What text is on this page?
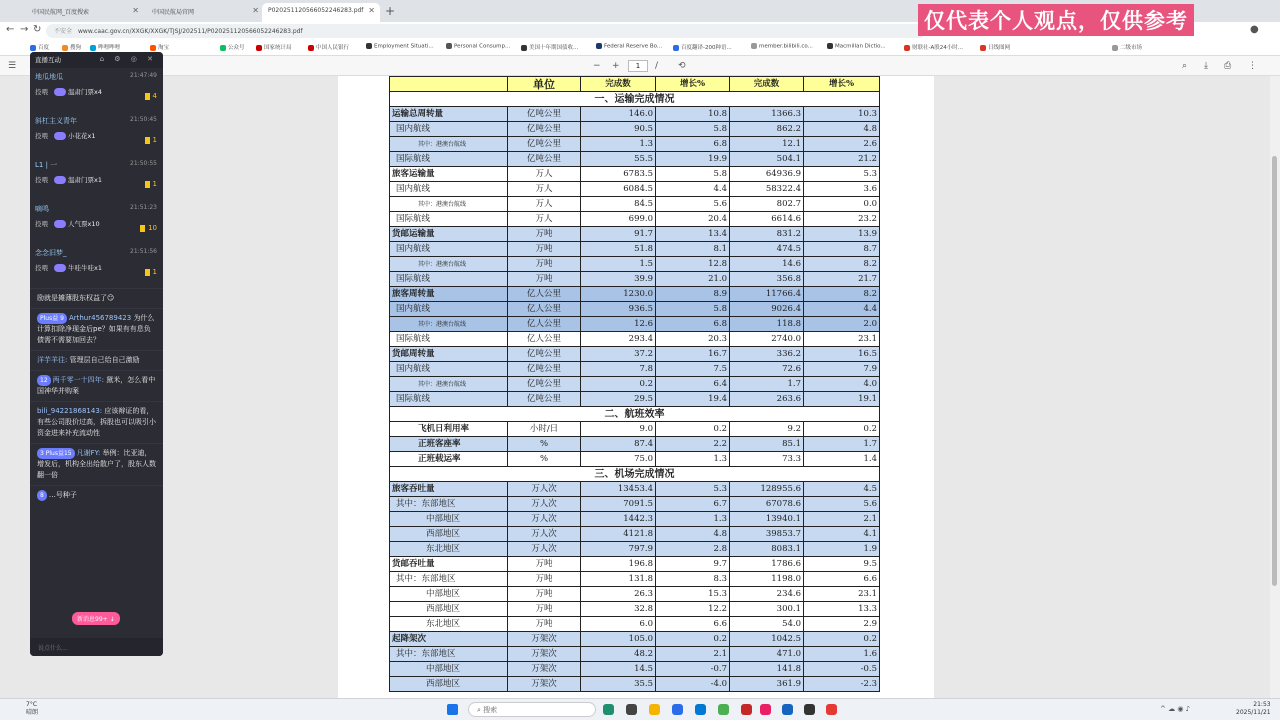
中国民航网_百度搜索	✕	中国民航局官网	✕	P020251120566052246283.pdf ✕ +
← → ↻	不安全 www.caac.gov.cn/XXGK/XXGK/TJSJ/202511/P020251120566052246283.pdf	●
百度	搜狗	哔哩哔哩	淘宝	公众号	国家统计局	中国人民银行	Employment Situati...	Personal Consump...	美国十年期国债收...	Federal Reserve Bo...	百度翻译-200种语...	member.bilibili.co...	Macmillan Dictio...	财联社-A股24小时...	日线图网	二级市场
☰	− +	1	/ ⟲	⌕ ⤓ ⎙ ⋮
	单位	完成数	增长%	完成数	增长%
一、运输完成情况					
运输总周转量	亿吨公里	146.0	10.8	1366.3	10.3
国内航线	亿吨公里	90.5	5.8	862.2	4.8
其中：港澳台航线	亿吨公里	1.3	6.8	12.1	2.6
国际航线	亿吨公里	55.5	19.9	504.1	21.2
旅客运输量	万人	6783.5	5.8	64936.9	5.3
国内航线	万人	6084.5	4.4	58322.4	3.6
其中：港澳台航线	万人	84.5	5.6	802.7	0.0
国际航线	万人	699.0	20.4	6614.6	23.2
货邮运输量	万吨	91.7	13.4	831.2	13.9
国内航线	万吨	51.8	8.1	474.5	8.7
其中：港澳台航线	万吨	1.5	12.8	14.6	8.2
国际航线	万吨	39.9	21.0	356.8	21.7
旅客周转量	亿人公里	1230.0	8.9	11766.4	8.2
国内航线	亿人公里	936.5	5.8	9026.4	4.4
其中：港澳台航线	亿人公里	12.6	6.8	118.8	2.0
国际航线	亿人公里	293.4	20.3	2740.0	23.1
货邮周转量	亿吨公里	37.2	16.7	336.2	16.5
国内航线	亿吨公里	7.8	7.5	72.6	7.9
其中：港澳台航线	亿吨公里	0.2	6.4	1.7	4.0
国际航线	亿吨公里	29.5	19.4	263.6	19.1
二、航班效率					
飞机日利用率	小时/日	9.0	0.2	9.2	0.2
正班客座率	%	87.4	2.2	85.1	1.7
正班载运率	%	75.0	1.3	73.3	1.4
三、机场完成情况					
旅客吞吐量	万人次	13453.4	5.3	128955.6	4.5
其中：东部地区	万人次	7091.5	6.7	67078.6	5.6
中部地区	万人次	1442.3	1.3	13940.1	2.1
西部地区	万人次	4121.8	4.8	39853.7	4.1
东北地区	万人次	797.9	2.8	8083.1	1.9
货邮吞吐量	万吨	196.8	9.7	1786.6	9.5
其中：东部地区	万吨	131.8	8.3	1198.0	6.6
中部地区	万吨	26.3	15.3	234.6	23.1
西部地区	万吨	32.8	12.2	300.1	13.3
东北地区	万吨	6.0	6.6	54.0	2.9
起降架次	万架次	105.0	0.2	1042.5	0.2
其中：东部地区	万架次	48.2	2.1	471.0	1.6
中部地区	万架次	14.5	-0.7	141.8	-0.5
西部地区	万架次	35.5	-4.0	361.9	-2.3
仅代表个人观点，仅供参考
直播互动	⌂ ⚙ ◎ ✕
地瓜地瓜	21:47:49
投喂	温肃门票x4	4
斜杠主义青年	21:50:45
投喂	小花花x1	1
L1 | 一	21:50:55
投喂	温肃门票x1	1
嘀鸣	21:51:23
投喂	人气票x10	10
念念旧梦_	21:51:56
投喂	牛哇牛哇x1	1
励就是摊薄股东权益了😏
Plus益 9 Arthur456789423 为什么计算扣除净现金后pe？如果有有息负债需不需要加回去？
洋芋羊往: 管理层自己给自己激励
12 两千零一十四年: 黛米，怎么看中国神华并购案
bili_94221868143: 应该辩证的看，有些公司股价过高，拆股也可以吸引小资金进来补充流动性
3 Plus益15 凡谢FY: 举例：比亚迪，增发后，机构全出给散户了，股东人数翻一倍
8 …号种子
新消息99+ ↓
说点什么...
7°C
晴朗	⌕ 搜索	^ ☁ ◉ ♪
21:53
2025/11/21
